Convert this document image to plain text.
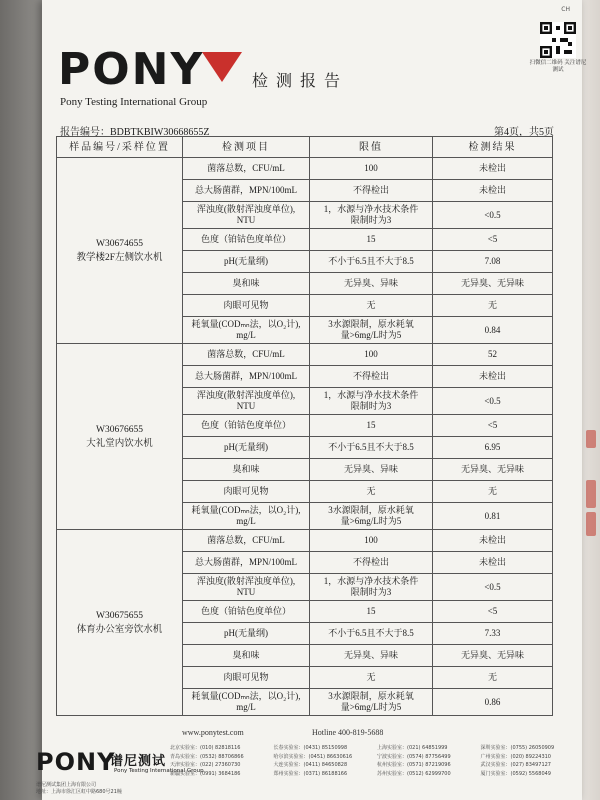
CH
扫微信二维码 关注谱尼测试
PONY
Pony Testing International Group
检测报告
报告编号：BDBTKBIW30668655Z	第4页，共5页
样品编号/采样位置	检测项目	限值	检测结果
W30674655
教学楼2F左侧饮水机	菌落总数，CFU/mL	100	未检出
	总大肠菌群，MPN/100mL	不得检出	未检出
	浑浊度(散射浑浊度单位),
NTU	1，水源与净水技术条件
限制时为3	<0.5
	色度（铂钴色度单位）	15	<5
	pH(无量纲)	不小于6.5且不大于8.5	7.08
	臭和味	无异臭、异味	无异臭、无异味
	肉眼可见物	无	无
	耗氧量(CODₘₙ法，以O₂计),
mg/L	3水源限制，原水耗氧
量>6mg/L时为5	0.84
W30676655
大礼堂内饮水机	菌落总数，CFU/mL	100	52
	总大肠菌群，MPN/100mL	不得检出	未检出
	浑浊度(散射浑浊度单位),
NTU	1，水源与净水技术条件
限制时为3	<0.5
	色度（铂钴色度单位）	15	<5
	pH(无量纲)	不小于6.5且不大于8.5	6.95
	臭和味	无异臭、异味	无异臭、无异味
	肉眼可见物	无	无
	耗氧量(CODₘₙ法，以O₂计),
mg/L	3水源限制，原水耗氧
量>6mg/L时为5	0.81
W30675655
体育办公室旁饮水机	菌落总数，CFU/mL	100	未检出
	总大肠菌群，MPN/100mL	不得检出	未检出
	浑浊度(散射浑浊度单位),
NTU	1，水源与净水技术条件
限制时为3	<0.5
	色度（铂钴色度单位）	15	<5
	pH(无量纲)	不小于6.5且不大于8.5	7.33
	臭和味	无异臭、异味	无异臭、无异味
	肉眼可见物	无	无
	耗氧量(CODₘₙ法，以O₂计),
mg/L	3水源限制，原水耗氧
量>6mg/L时为5	0.86
www.ponytest.com	Hotline 400-819-5688
PONY
谱尼测试
Pony Testing International Group
谱尼测试集团上海有限公司
地址：上海市徐汇区虹中路680号21幢
北京实验室：(010) 82818116	长春实验室：(0431) 85150998	上海实验室：(021) 64851999	深圳实验室：(0755) 26050909
青岛实验室：(0532) 88706866	哈尔滨实验室：(0451) 86630616	宁波实验室：(0574) 87756499	广州实验室：(020) 89224310
天津实验室：(022) 27360730	大连实验室：(0411) 84650828	杭州实验室：(0571) 87219096	武汉实验室：(027) 83497127
新疆实验室：(0991) 3684186	郑州实验室：(0371) 86188166	苏州实验室：(0512) 62999700	厦门实验室：(0592) 5568049
